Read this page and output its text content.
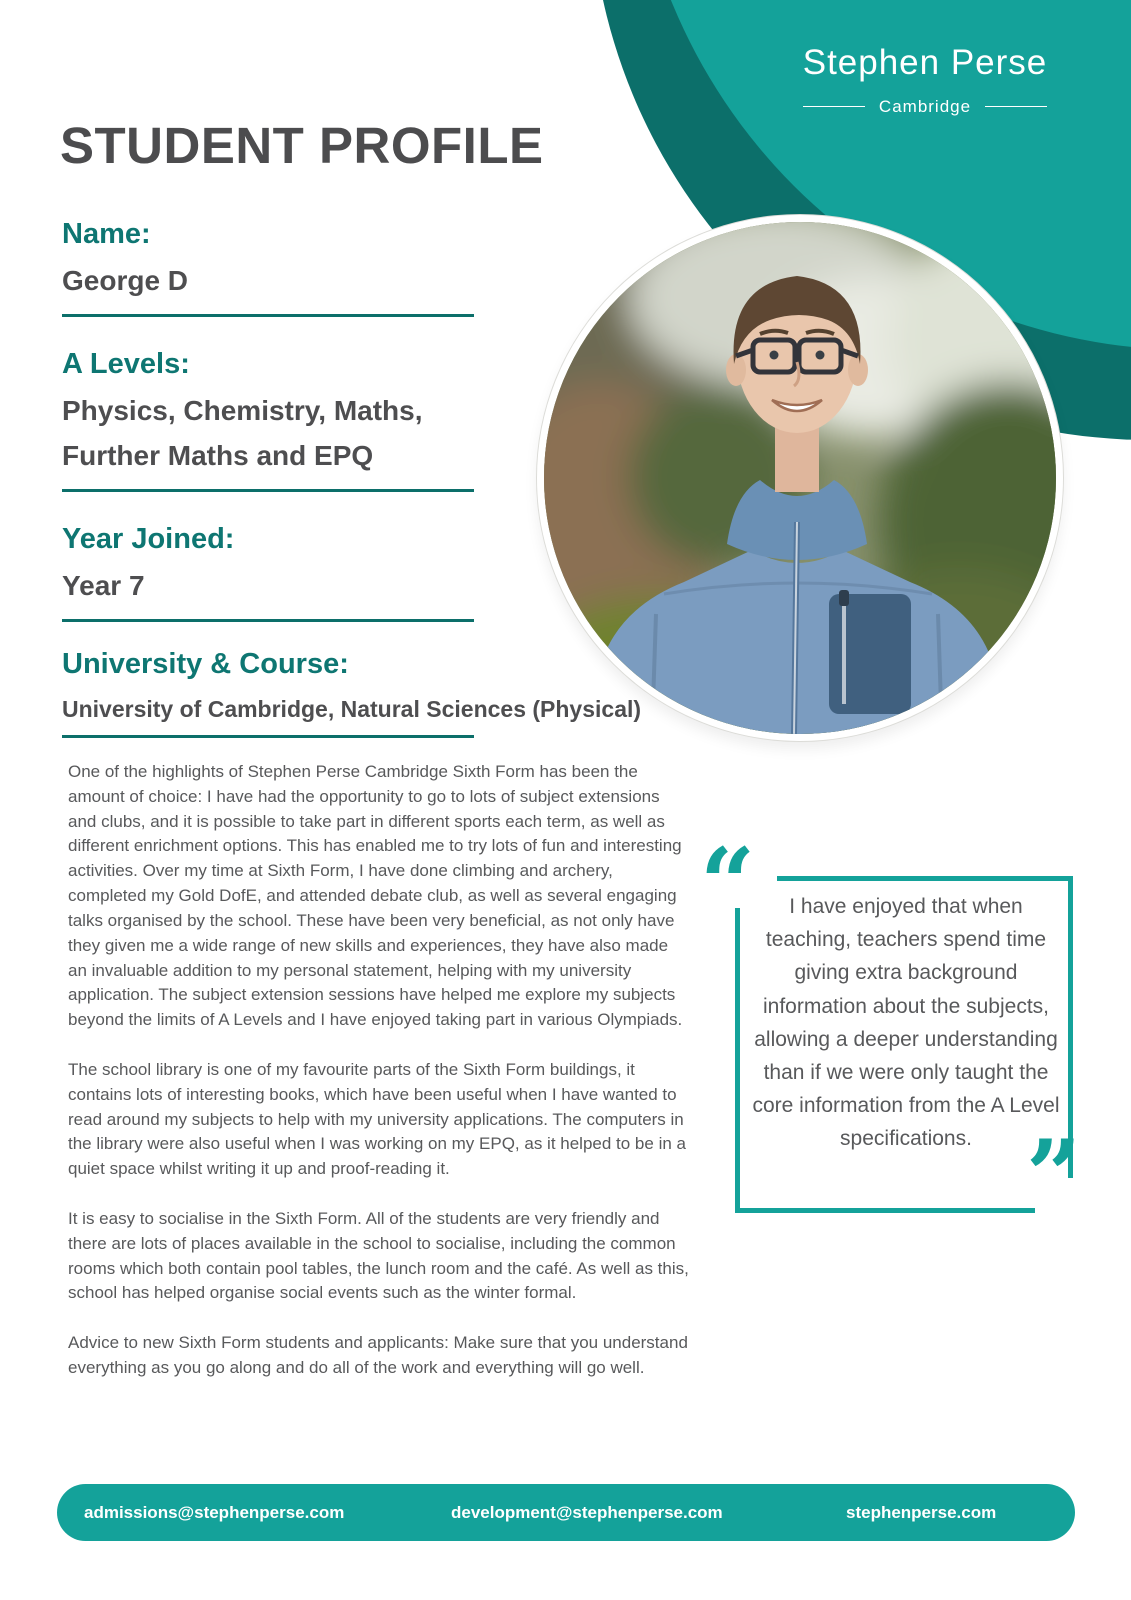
Stephen Perse
Cambridge
STUDENT PROFILE
Name:
George D
A Levels:
Physics, Chemistry, Maths,
Further Maths and EPQ
Year Joined:
Year 7
University & Course:
University of Cambridge, Natural Sciences (Physical)

One of the highlights of Stephen Perse Cambridge Sixth Form has been the amount of choice: I have had the opportunity to go to lots of subject extensions and clubs, and it is possible to take part in different sports each term, as well as different enrichment options. This has enabled me to try lots of fun and interesting activities. Over my time at Sixth Form, I have done climbing and archery, completed my Gold DofE, and attended debate club, as well as several engaging talks organised by the school. These have been very beneficial, as not only have they given me a wide range of new skills and experiences, they have also made an invaluable addition to my personal statement, helping with my university application. The subject extension sessions have helped me explore my subjects beyond the limits of A Levels and I have enjoyed taking part in various Olympiads.

The school library is one of my favourite parts of the Sixth Form buildings, it contains lots of interesting books, which have been useful when I have wanted to read around my subjects to help with my university applications. The computers in the library were also useful when I was working on my EPQ, as it helped to be in a quiet space whilst writing it up and proof-reading it.

It is easy to socialise in the Sixth Form. All of the students are very friendly and there are lots of places available in the school to socialise, including the common rooms which both contain pool tables, the lunch room and the café. As well as this, school has helped organise social events such as the winter formal.

Advice to new Sixth Form students and applicants: Make sure that you understand everything as you go along and do all of the work and everything will go well.

“
”
I have enjoyed that when teaching, teachers spend time giving extra background information about the subjects, allowing a deeper understanding than if we were only taught the core information from the A Level specifications.
admissions@stephenperse.com	development@stephenperse.com	stephenperse.com
